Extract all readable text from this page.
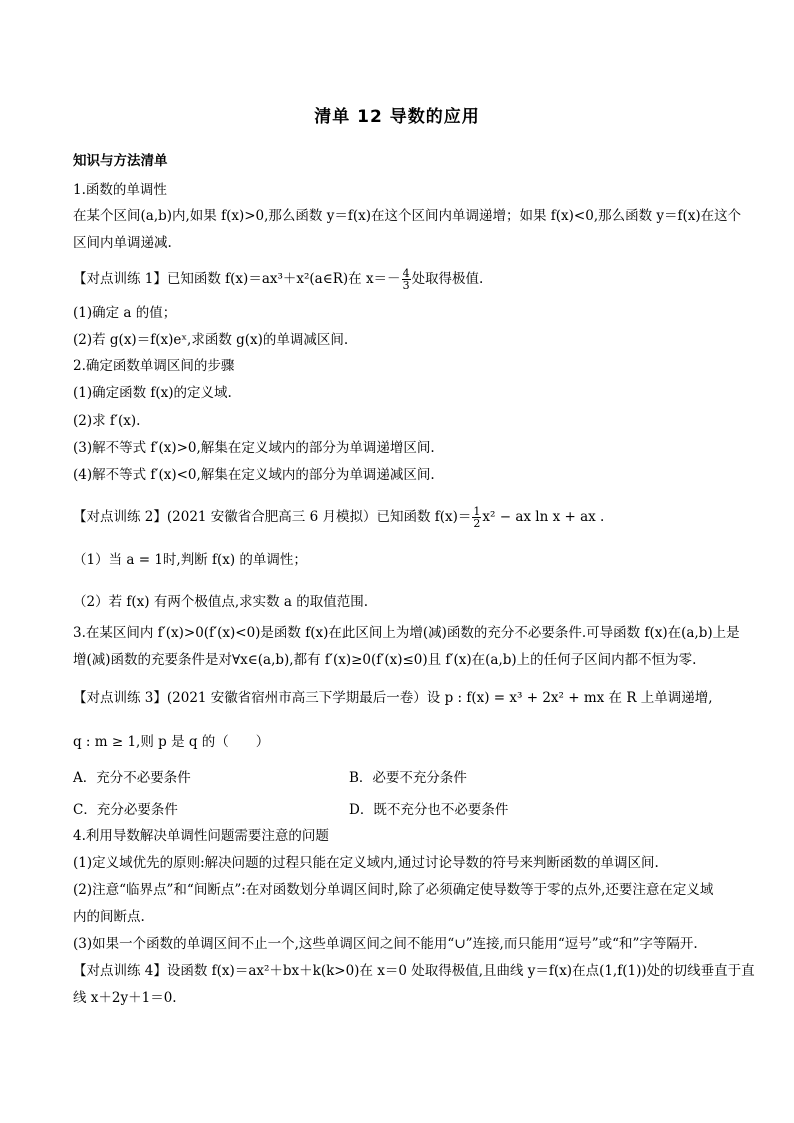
清单 12 导数的应用
知识与方法清单
1.函数的单调性
在某个区间(a,b)内,如果 f(x)>0,那么函数 y＝f(x)在这个区间内单调递增；如果 f(x)<0,那么函数 y＝f(x)在这个
区间内单调递减.
【对点训练 1】已知函数 f(x)＝ax³＋x²(a∈R)在 $x=- \frac{4}{3}$ 处取得极值.
(1)确定 a 的值；
(2)若 g(x)＝f(x)eˣ,求函数 g(x)的单调减区间.
2.确定函数单调区间的步骤
(1)确定函数 f(x)的定义域.
(2)求 f′(x).
(3)解不等式 f′(x)>0,解集在定义域内的部分为单调递增区间.
(4)解不等式 f′(x)<0,解集在定义域内的部分为单调递减区间.
【对点训练 2】(2021 安徽省合肥高三 6 月模拟）已知函数 $f(x)= \frac{1}{2} x^2$ − ax ln x + ax .
（1）当 a = 1时,判断 f(x) 的单调性；
（2）若 f(x) 有两个极值点,求实数 a 的取值范围.
3.在某区间内 f′(x)>0(f′(x)<0)是函数 f(x)在此区间上为增(减)函数的充分不必要条件.可导函数 f(x)在(a,b)上是
增(减)函数的充要条件是对∀x∈(a,b),都有 f′(x)≥0(f′(x)≤0)且 f′(x)在(a,b)上的任何子区间内都不恒为零.
【对点训练 3】(2021 安徽省宿州市高三下学期最后一卷）设 p : f(x) = x³ + 2x² + mx 在 R 上单调递增,
q : m ≥ 1,则 p 是 q 的（　　）
A．充分不必要条件	B．必要不充分条件
C．充分必要条件	D．既不充分也不必要条件
4.利用导数解决单调性问题需要注意的问题
(1)定义域优先的原则:解决问题的过程只能在定义域内,通过讨论导数的符号来判断函数的单调区间.
(2)注意“临界点”和“间断点”:在对函数划分单调区间时,除了必须确定使导数等于零的点外,还要注意在定义域
内的间断点.
(3)如果一个函数的单调区间不止一个,这些单调区间之间不能用“∪”连接,而只能用“逗号”或“和”字等隔开.
【对点训练 4】设函数 f(x)＝ax²＋bx＋k(k>0)在 x＝0 处取得极值,且曲线 y＝f(x)在点(1,f(1))处的切线垂直于直
线 x＋2y＋1＝0.
